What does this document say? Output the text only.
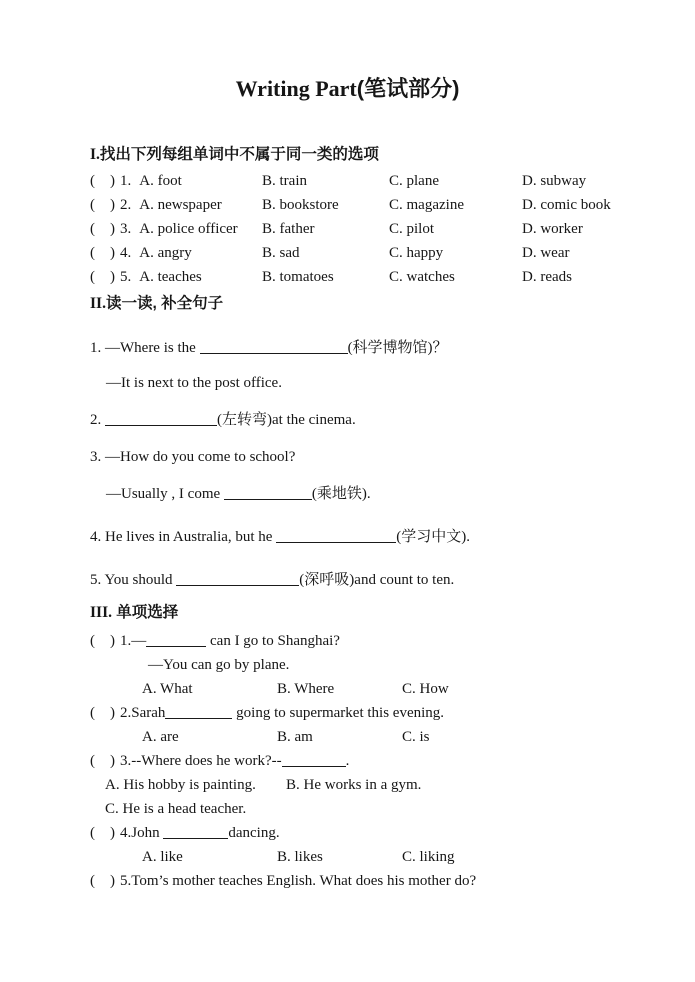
Writing Part(笔试部分)
I.找出下列每组单词中不属于同一类的选项
(    ) 1. A. foot	B. train	C. plane	D. subway
(    ) 2. A. newspaper	B. bookstore	C. magazine	D. comic book
(    ) 3. A. police officer	B. father	C. pilot	D. worker
(    ) 4. A. angry	B. sad	C. happy	D. wear
(    ) 5. A. teaches	B. tomatoes	C. watches	D. reads
II.读一读, 补全句子
1. —Where is the	(科学博物馆)？
—It is next to the post office.
2.	(左转弯)at the cinema.
3. —How do you come to school?
—Usually , I come	(乘地铁).
4. He lives in Australia, but he	(学习中文).
5. You should	(深呼吸)and count to ten.
III. 单项选择
(    ) 1.—	can I go to Shanghai?
—You can go by plane.
A. What	B. Where	C. How
(    ) 2.Sarah	going to supermarket this evening.
A. are	B. am	C. is
(    ) 3.--Where does he work?--	.
A. His hobby is painting.	B. He works in a gym.
C. He is a head teacher.
(    ) 4.John	dancing.
A. like	B. likes	C. liking
(    ) 5.Tom’s mother teaches English. What does his mother do?
